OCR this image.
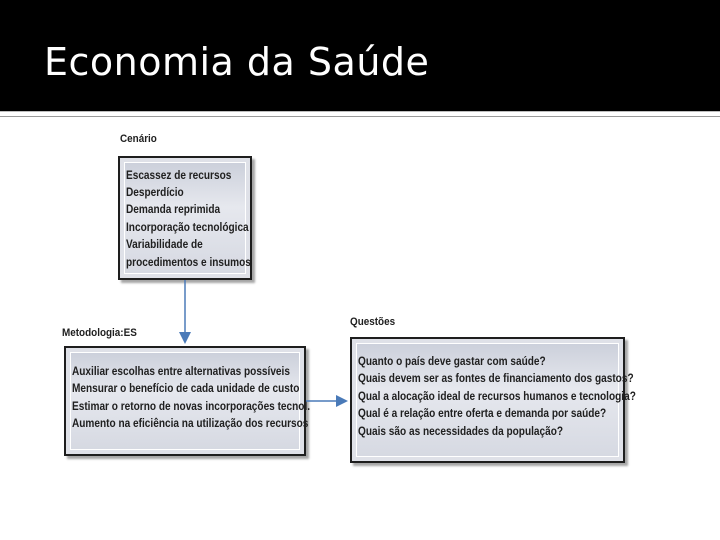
Economia da Saúde
Cenário
Escassez de recursos
Desperdício
Demanda reprimida
Incorporação tecnológica
Variabilidade de
procedimentos e insumos
Metodologia:ES
Auxiliar escolhas entre alternativas possíveis
Mensurar o benefício de cada unidade de custo
Estimar o retorno de novas incorporações tecnol.
Aumento na eficiência na utilização dos recursos
Questões
Quanto o país deve gastar com saúde?
Quais devem ser as fontes de financiamento dos gastos?
Qual a alocação ideal de recursos humanos e tecnologia?
Qual é a relação entre oferta e demanda por saúde?
Quais são as necessidades da população?
